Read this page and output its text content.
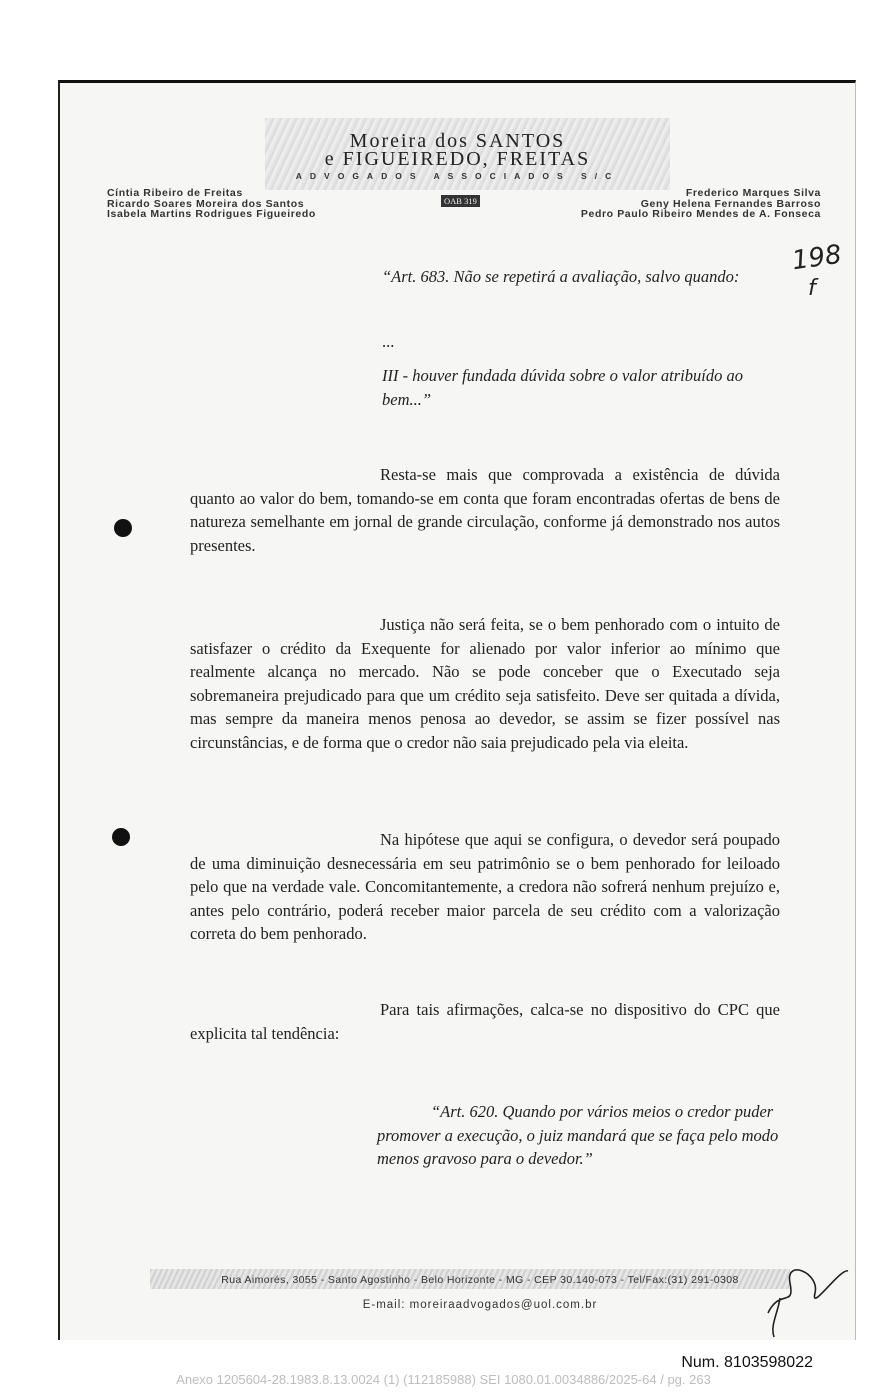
Moreira dos SANTOS
e FIGUEIREDO, FREITAS
ADVOGADOS ASSOCIADOS S/C
Cíntia Ribeiro de Freitas
Ricardo Soares Moreira dos Santos
Isabela Martins Rodrigues Figueiredo
OAB 319
Frederico Marques Silva
Geny Helena Fernandes Barroso
Pedro Paulo Ribeiro Mendes de A. Fonseca
198
f
“Art. 683. Não se repetirá a avaliação, salvo quando:
...
III - houver fundada dúvida sobre o valor atribuído ao bem...”
Resta-se mais que comprovada a existência de dúvida quanto ao valor do bem, tomando-se em conta que foram encontradas ofertas de bens de natureza semelhante em jornal de grande circulação, conforme já demonstrado nos autos presentes.
Justiça não será feita, se o bem penhorado com o intuito de satisfazer o crédito da Exequente for alienado por valor inferior ao mínimo que realmente alcança no mercado. Não se pode conceber que o Executado seja sobremaneira prejudicado para que um crédito seja satisfeito. Deve ser quitada a dívida, mas sempre da maneira menos penosa ao devedor, se assim se fizer possível nas circunstâncias, e de forma que o credor não saia prejudicado pela via eleita.
Na hipótese que aqui se configura, o devedor será poupado de uma diminuição desnecessária em seu patrimônio se o bem penhorado for leiloado pelo que na verdade vale. Concomitantemente, a credora não sofrerá nenhum prejuízo e, antes pelo contrário, poderá receber maior parcela de seu crédito com a valorização correta do bem penhorado.
Para tais afirmações, calca-se no dispositivo do CPC que explicita tal tendência:
“Art. 620. Quando por vários meios o credor puder promover a execução, o juiz mandará que se faça pelo modo menos gravoso para o devedor.”
Rua Aimorés, 3055 - Santo Agostinho - Belo Horizonte - MG - CEP 30.140-073 - Tel/Fax:(31) 291-0308
E-mail: moreiraadvogados@uol.com.br
Num. 8103598022
Anexo 1205604-28.1983.8.13.0024 (1) (112185988) SEI 1080.01.0034886/2025-64 / pg. 263
